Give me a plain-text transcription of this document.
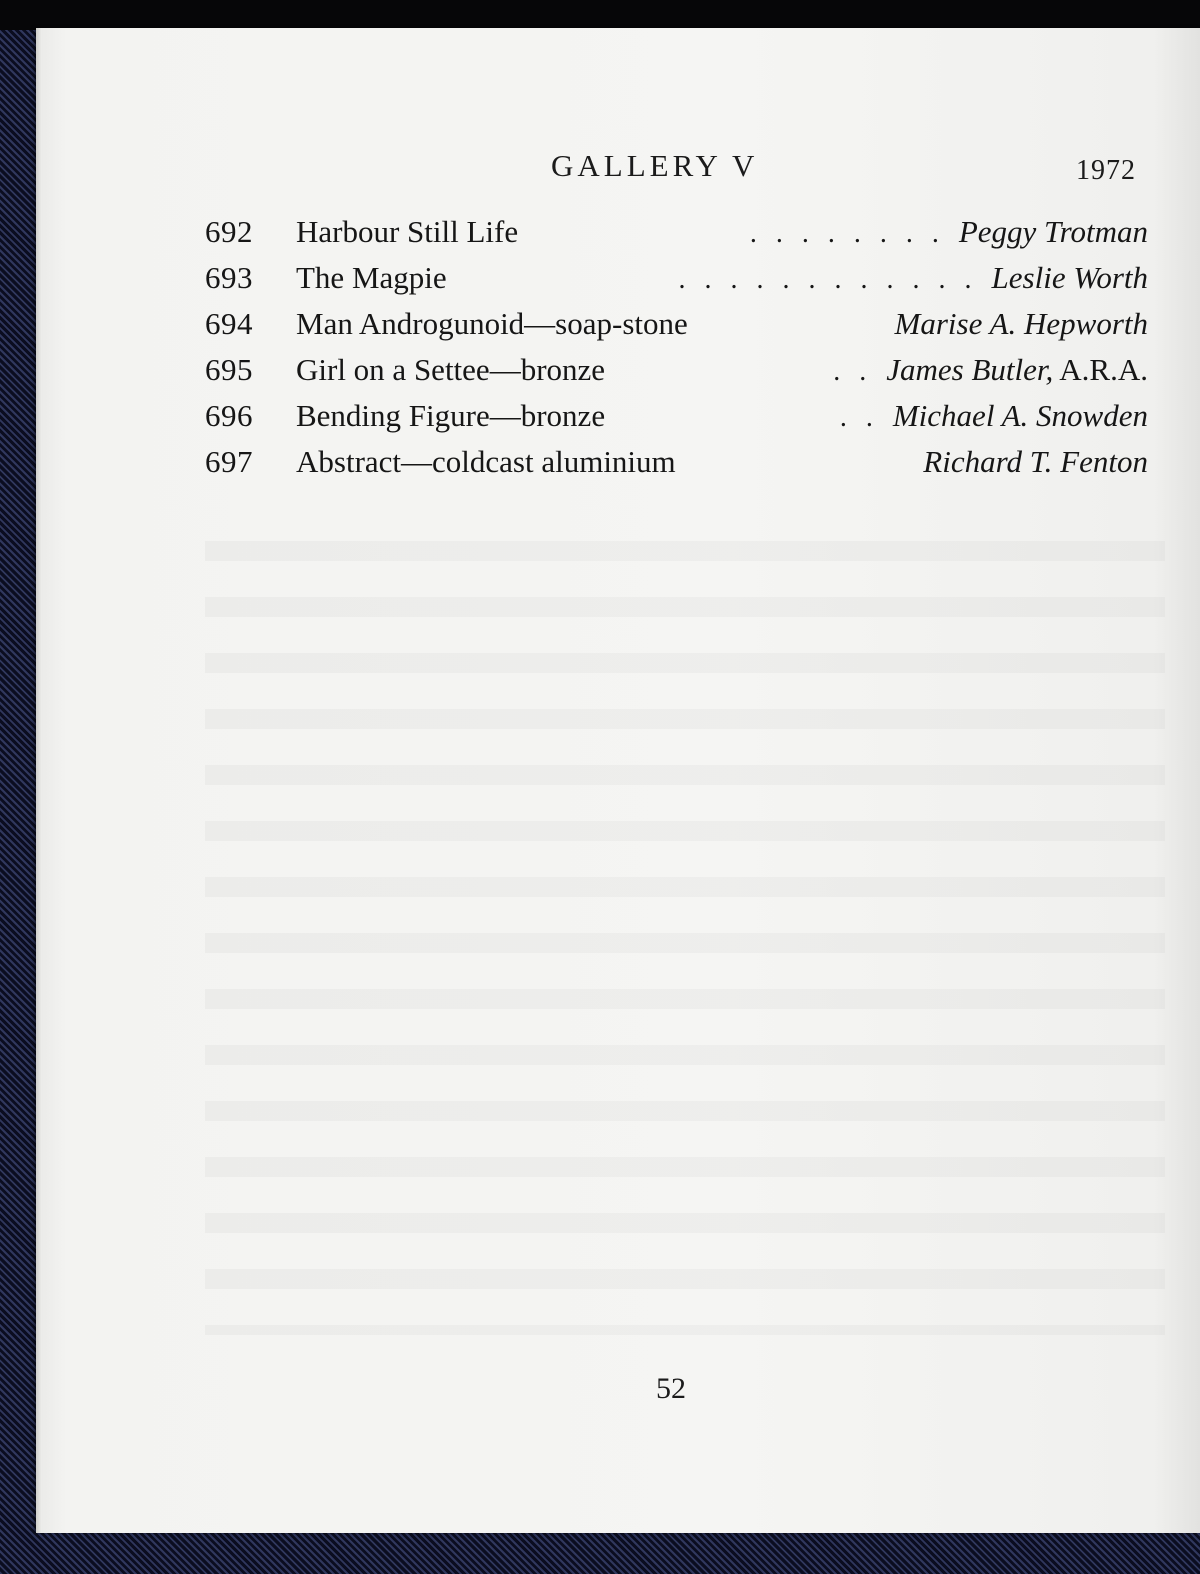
GALLERY V	1972
692	Harbour Still Life	. . . . . . . . Peggy Trotman
693	The Magpie	. . . . . . . . . . . . Leslie Worth
694	Man Androgunoid—soap-stone	Marise A. Hepworth
695	Girl on a Settee—bronze	. . James Butler, A.R.A.
696	Bending Figure—bronze	. . Michael A. Snowden
697	Abstract—coldcast aluminium	Richard T. Fenton
52
